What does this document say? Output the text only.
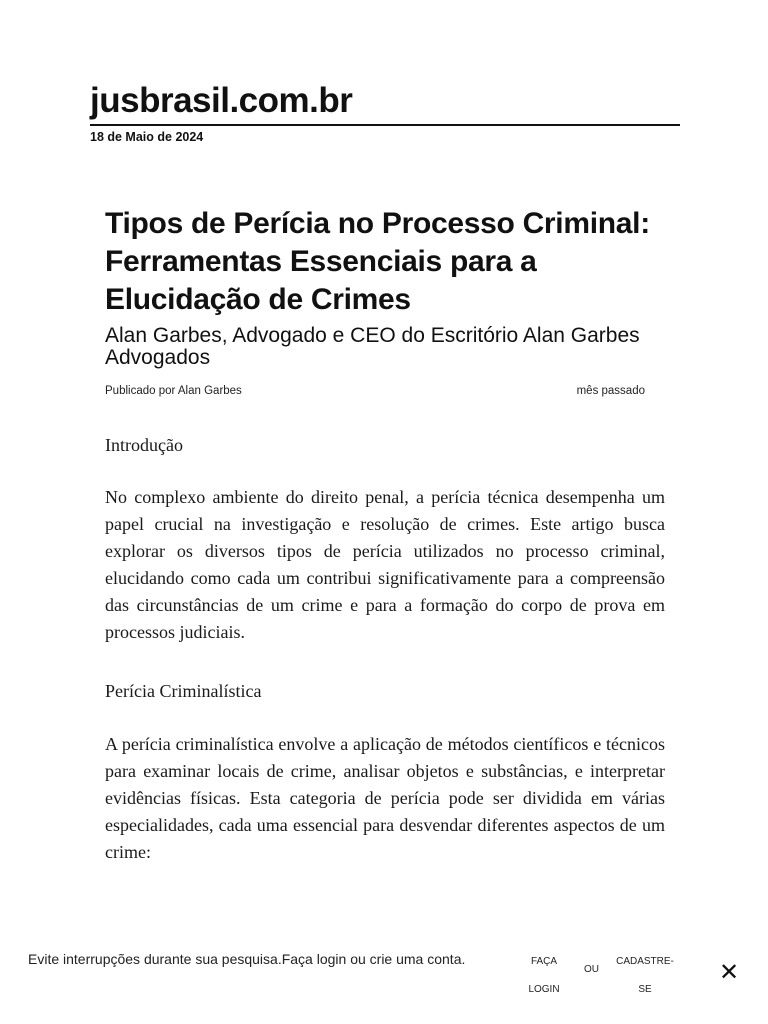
jusbrasil.com.br
18 de Maio de 2024
Tipos de Perícia no Processo Criminal: Ferramentas Essenciais para a Elucidação de Crimes
Alan Garbes, Advogado e CEO do Escritório Alan Garbes Advogados
Publicado por Alan Garbes	mês passado
Introdução

No complexo ambiente do direito penal, a perícia técnica desempenha um papel crucial na investigação e resolução de crimes. Este artigo busca explorar os diversos tipos de perícia utilizados no processo criminal, elucidando como cada um contribui significativamente para a compreensão das circunstâncias de um crime e para a formação do corpo de prova em processos judiciais.

Perícia Criminalística

A perícia criminalística envolve a aplicação de métodos científicos e técnicos para examinar locais de crime, analisar objetos e substâncias, e interpretar evidências físicas. Esta categoria de perícia pode ser dividida em várias especialidades, cada uma essencial para desvendar diferentes aspectos de um crime:

Evite interrupções durante sua pesquisa.Faça login ou crie uma conta.	FAÇA
LOGIN
OU
CADASTRE-
SE
✕
